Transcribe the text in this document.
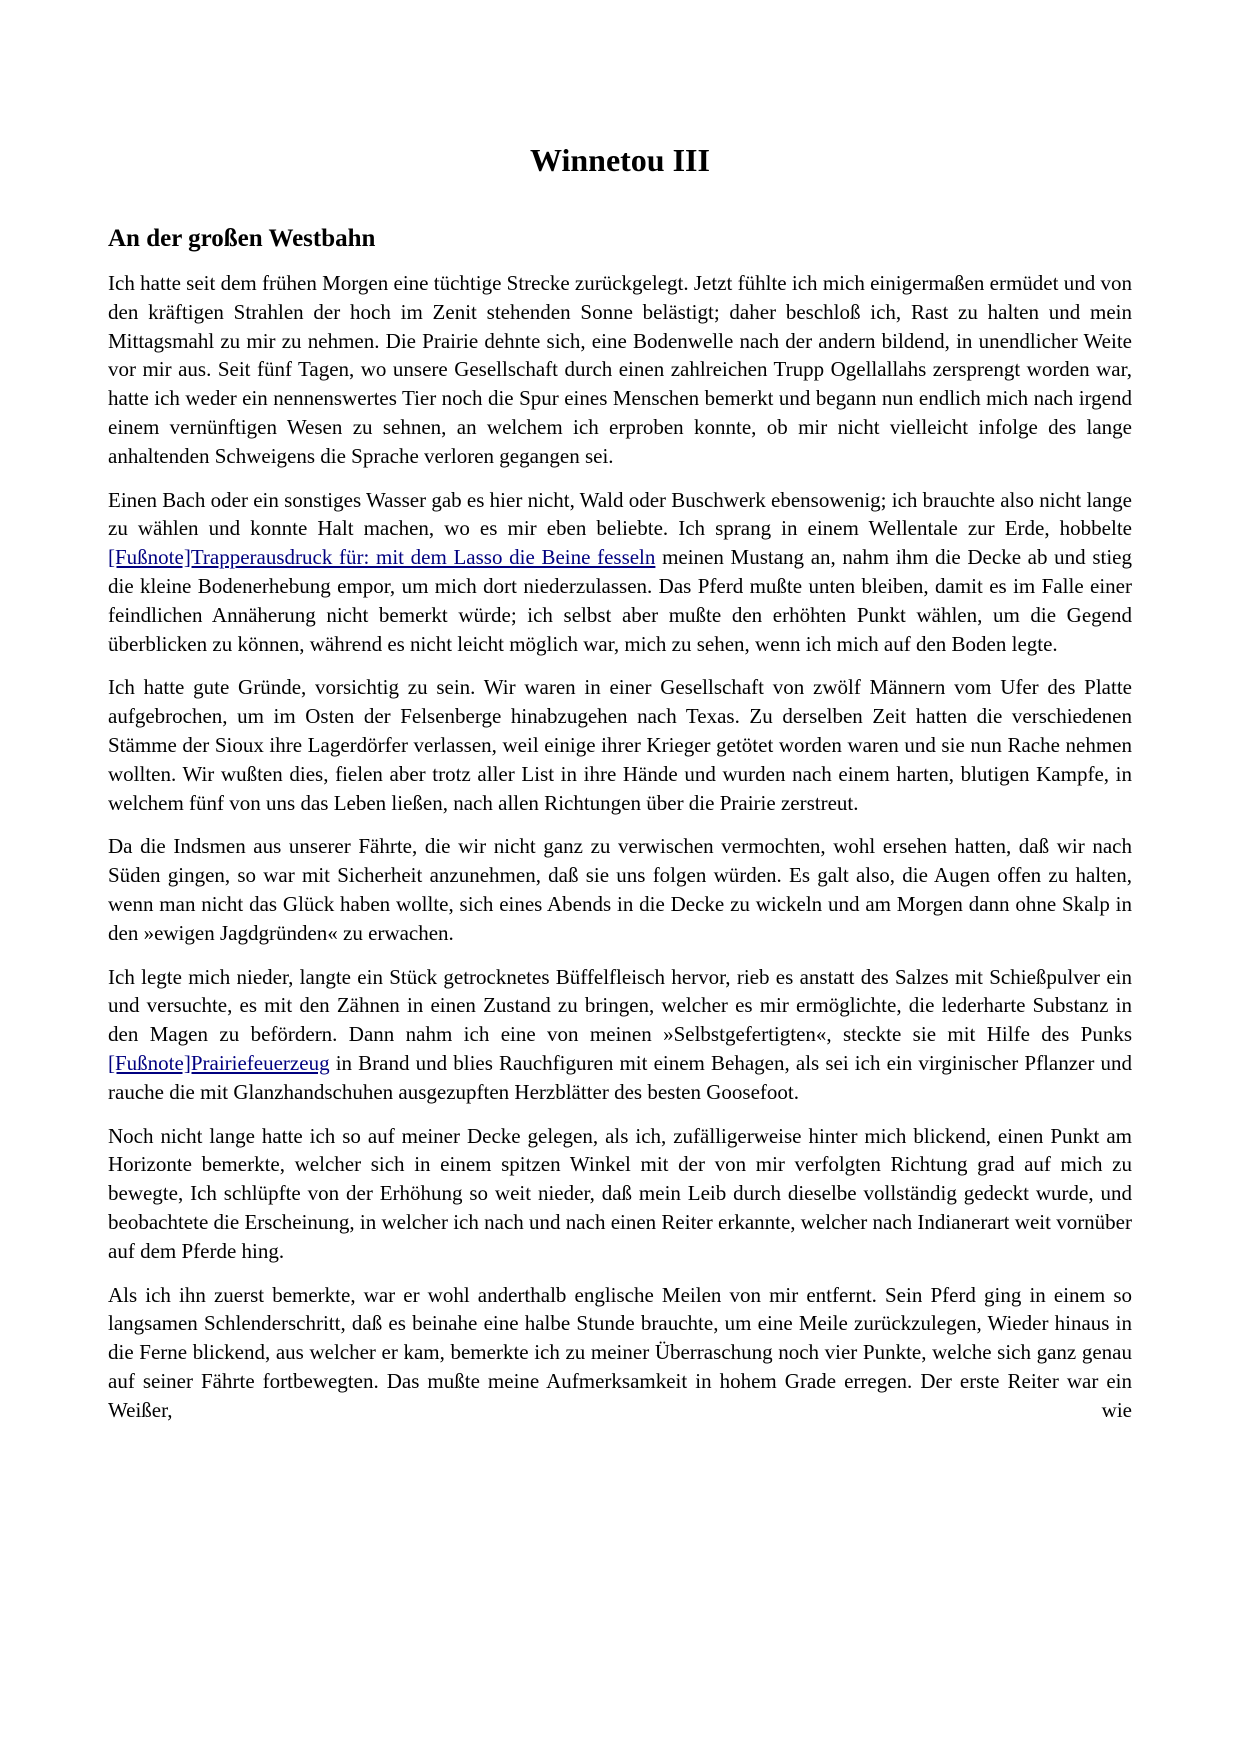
Winnetou III
An der großen Westbahn

Ich hatte seit dem frühen Morgen eine tüchtige Strecke zurückgelegt. Jetzt fühlte ich mich einigermaßen ermüdet und von den kräftigen Strahlen der hoch im Zenit stehenden Sonne belästigt; daher beschloß ich, Rast zu halten und mein Mittagsmahl zu mir zu nehmen. Die Prairie dehnte sich, eine Bodenwelle nach der andern bildend, in unendlicher Weite vor mir aus. Seit fünf Tagen, wo unsere Gesellschaft durch einen zahlreichen Trupp Ogellallahs zersprengt worden war, hatte ich weder ein nennenswertes Tier noch die Spur eines Menschen bemerkt und begann nun endlich mich nach irgend einem vernünftigen Wesen zu sehnen, an welchem ich erproben konnte, ob mir nicht vielleicht infolge des lange anhaltenden Schweigens die Sprache verloren gegangen sei.

Einen Bach oder ein sonstiges Wasser gab es hier nicht, Wald oder Buschwerk ebensowenig; ich brauchte also nicht lange zu wählen und konnte Halt machen, wo es mir eben beliebte. Ich sprang in einem Wellentale zur Erde, hobbelte [Fußnote]Trapperausdruck für: mit dem Lasso die Beine fesseln meinen Mustang an, nahm ihm die Decke ab und stieg die kleine Bodenerhebung empor, um mich dort niederzulassen. Das Pferd mußte unten bleiben, damit es im Falle einer feindlichen Annäherung nicht bemerkt würde; ich selbst aber mußte den erhöhten Punkt wählen, um die Gegend überblicken zu können, während es nicht leicht möglich war, mich zu sehen, wenn ich mich auf den Boden legte.

Ich hatte gute Gründe, vorsichtig zu sein. Wir waren in einer Gesellschaft von zwölf Männern vom Ufer des Platte aufgebrochen, um im Osten der Felsenberge hinabzugehen nach Texas. Zu derselben Zeit hatten die verschiedenen Stämme der Sioux ihre Lagerdörfer verlassen, weil einige ihrer Krieger getötet worden waren und sie nun Rache nehmen wollten. Wir wußten dies, fielen aber trotz aller List in ihre Hände und wurden nach einem harten, blutigen Kampfe, in welchem fünf von uns das Leben ließen, nach allen Richtungen über die Prairie zerstreut.

Da die Indsmen aus unserer Fährte, die wir nicht ganz zu verwischen vermochten, wohl ersehen hatten, daß wir nach Süden gingen, so war mit Sicherheit anzunehmen, daß sie uns folgen würden. Es galt also, die Augen offen zu halten, wenn man nicht das Glück haben wollte, sich eines Abends in die Decke zu wickeln und am Morgen dann ohne Skalp in den »ewigen Jagdgründen« zu erwachen.

Ich legte mich nieder, langte ein Stück getrocknetes Büffelfleisch hervor, rieb es anstatt des Salzes mit Schießpulver ein und versuchte, es mit den Zähnen in einen Zustand zu bringen, welcher es mir ermöglichte, die lederharte Substanz in den Magen zu befördern. Dann nahm ich eine von meinen »Selbstgefertigten«, steckte sie mit Hilfe des Punks [Fußnote]Prairiefeuerzeug in Brand und blies Rauchfiguren mit einem Behagen, als sei ich ein virginischer Pflanzer und rauche die mit Glanzhandschuhen ausgezupften Herzblätter des besten Goosefoot.

Noch nicht lange hatte ich so auf meiner Decke gelegen, als ich, zufälligerweise hinter mich blickend, einen Punkt am Horizonte bemerkte, welcher sich in einem spitzen Winkel mit der von mir verfolgten Richtung grad auf mich zu bewegte, Ich schlüpfte von der Erhöhung so weit nieder, daß mein Leib durch dieselbe vollständig gedeckt wurde, und beobachtete die Erscheinung, in welcher ich nach und nach einen Reiter erkannte, welcher nach Indianerart weit vornüber auf dem Pferde hing.

Als ich ihn zuerst bemerkte, war er wohl anderthalb englische Meilen von mir entfernt. Sein Pferd ging in einem so langsamen Schlenderschritt, daß es beinahe eine halbe Stunde brauchte, um eine Meile zurückzulegen, Wieder hinaus in die Ferne blickend, aus welcher er kam, bemerkte ich zu meiner Überraschung noch vier Punkte, welche sich ganz genau auf seiner Fährte fortbewegten. Das mußte meine Aufmerksamkeit in hohem Grade erregen. Der erste Reiter war ein Weißer, wie
